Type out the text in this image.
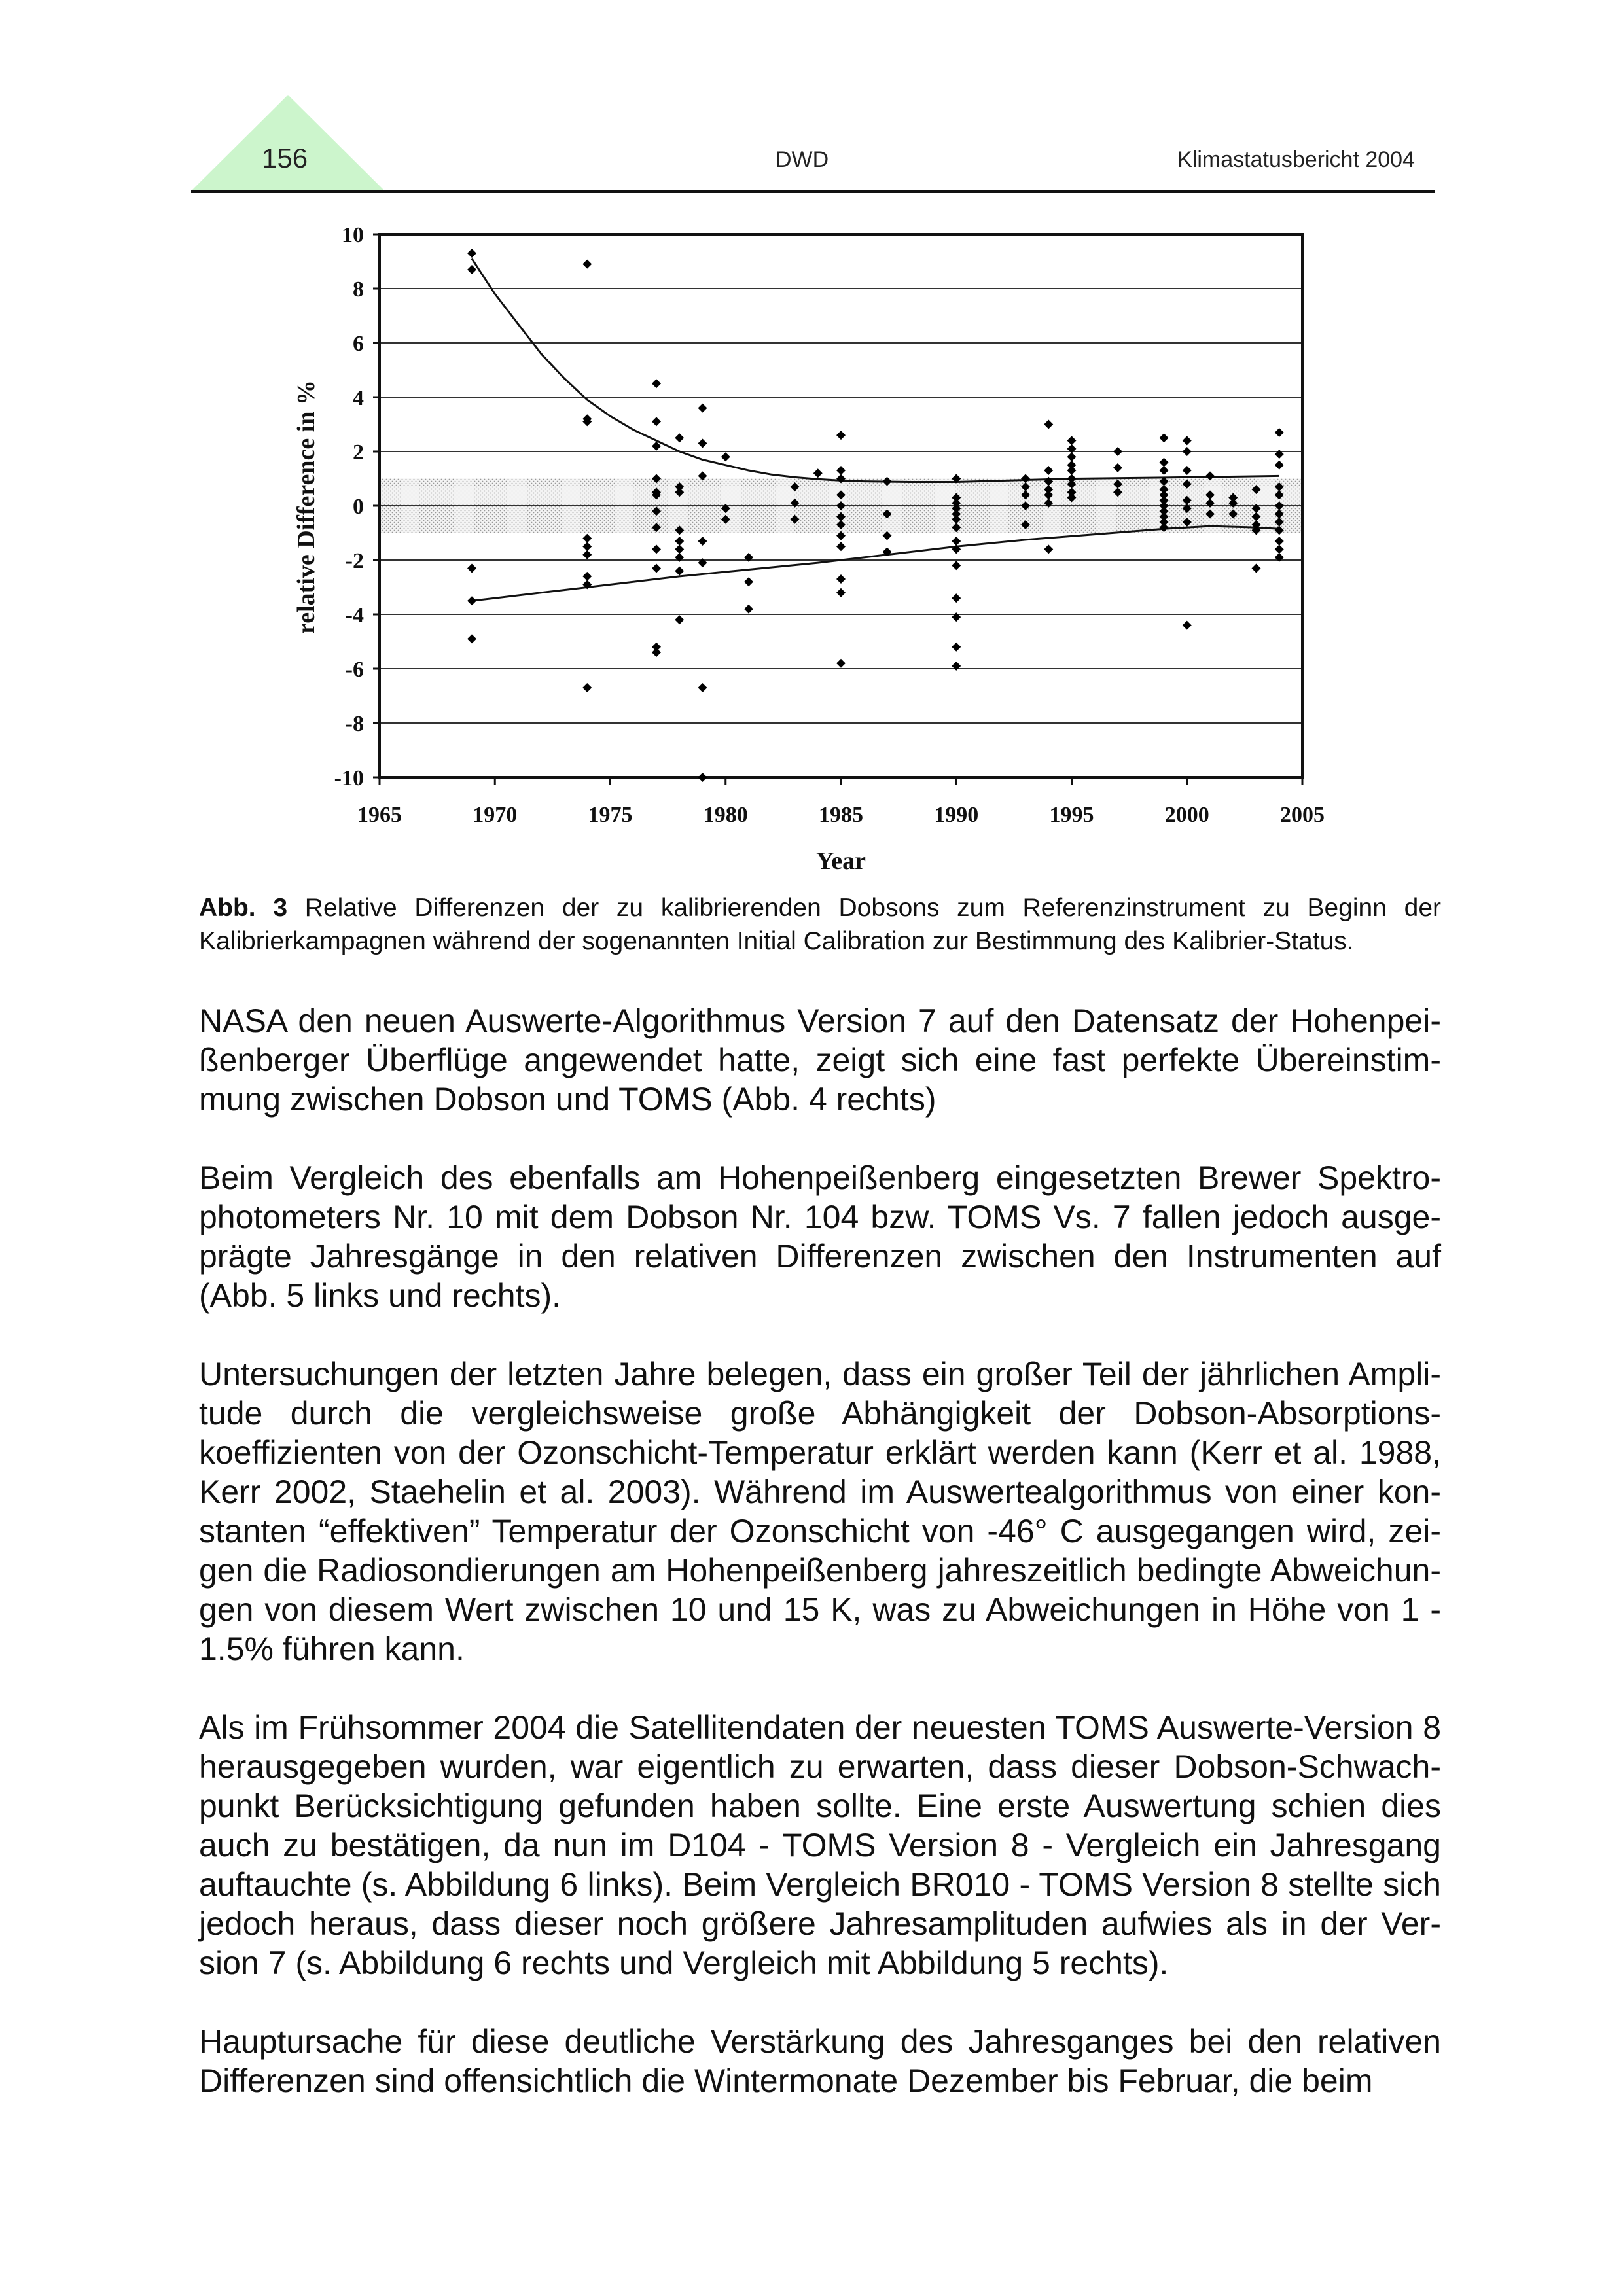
156	DWD	Klimastatusbericht 2004
10
8
6
4
2
0
-2
-4
-6
-8
-10
1965	1970	1975	1980	1985	1990	1995	2000	2005
Year
relative Difference in %
Abb. 3 Relative Differenzen der zu kalibrierenden Dobsons zum Referenzinstrument zu Beginn der Kalibrierkampagnen während der sogenannten Initial Calibration zur Bestimmung des Kalibrier-Status.

NASA den neuen Auswerte-Algorithmus Version 7 auf den Datensatz der Hohenpeißenberger Überflüge angewendet hatte, zeigt sich eine fast perfekte Übereinstimmung zwischen Dobson und TOMS (Abb. 4 rechts)

Beim Vergleich des ebenfalls am Hohenpeißenberg eingesetzten Brewer Spektrophotometers Nr. 10 mit dem Dobson Nr. 104 bzw. TOMS Vs. 7 fallen jedoch ausgeprägte Jahresgänge in den relativen Differenzen zwischen den Instrumenten auf (Abb. 5 links und rechts).

Untersuchungen der letzten Jahre belegen, dass ein großer Teil der jährlichen Amplitude durch die vergleichsweise große Abhängigkeit der Dobson-Absorptionskoeffizienten von der Ozonschicht-Temperatur erklärt werden kann (Kerr et al. 1988, Kerr 2002, Staehelin et al. 2003). Während im Auswertealgorithmus von einer konstanten “effektiven” Temperatur der Ozonschicht von -46° C ausgegangen wird, zeigen die Radiosondierungen am Hohenpeißenberg jahreszeitlich bedingte Abweichungen von diesem Wert zwischen 10 und 15 K, was zu Abweichungen in Höhe von 1 - 1.5% führen kann.

Als im Frühsommer 2004 die Satellitendaten der neuesten TOMS Auswerte-Version 8 herausgegeben wurden, war eigentlich zu erwarten, dass dieser Dobson-Schwachpunkt Berücksichtigung gefunden haben sollte. Eine erste Auswertung schien dies auch zu bestätigen, da nun im D104 - TOMS Version 8 - Vergleich ein Jahresgang auftauchte (s. Abbildung 6 links). Beim Vergleich BR010 - TOMS Version 8 stellte sich jedoch heraus, dass dieser noch größere Jahresamplituden aufwies als in der Version 7 (s. Abbildung 6 rechts und Vergleich mit Abbildung 5 rechts).

Hauptursache für diese deutliche Verstärkung des Jahresganges bei den relativen Differenzen sind offensichtlich die Wintermonate Dezember bis Februar, die beim
